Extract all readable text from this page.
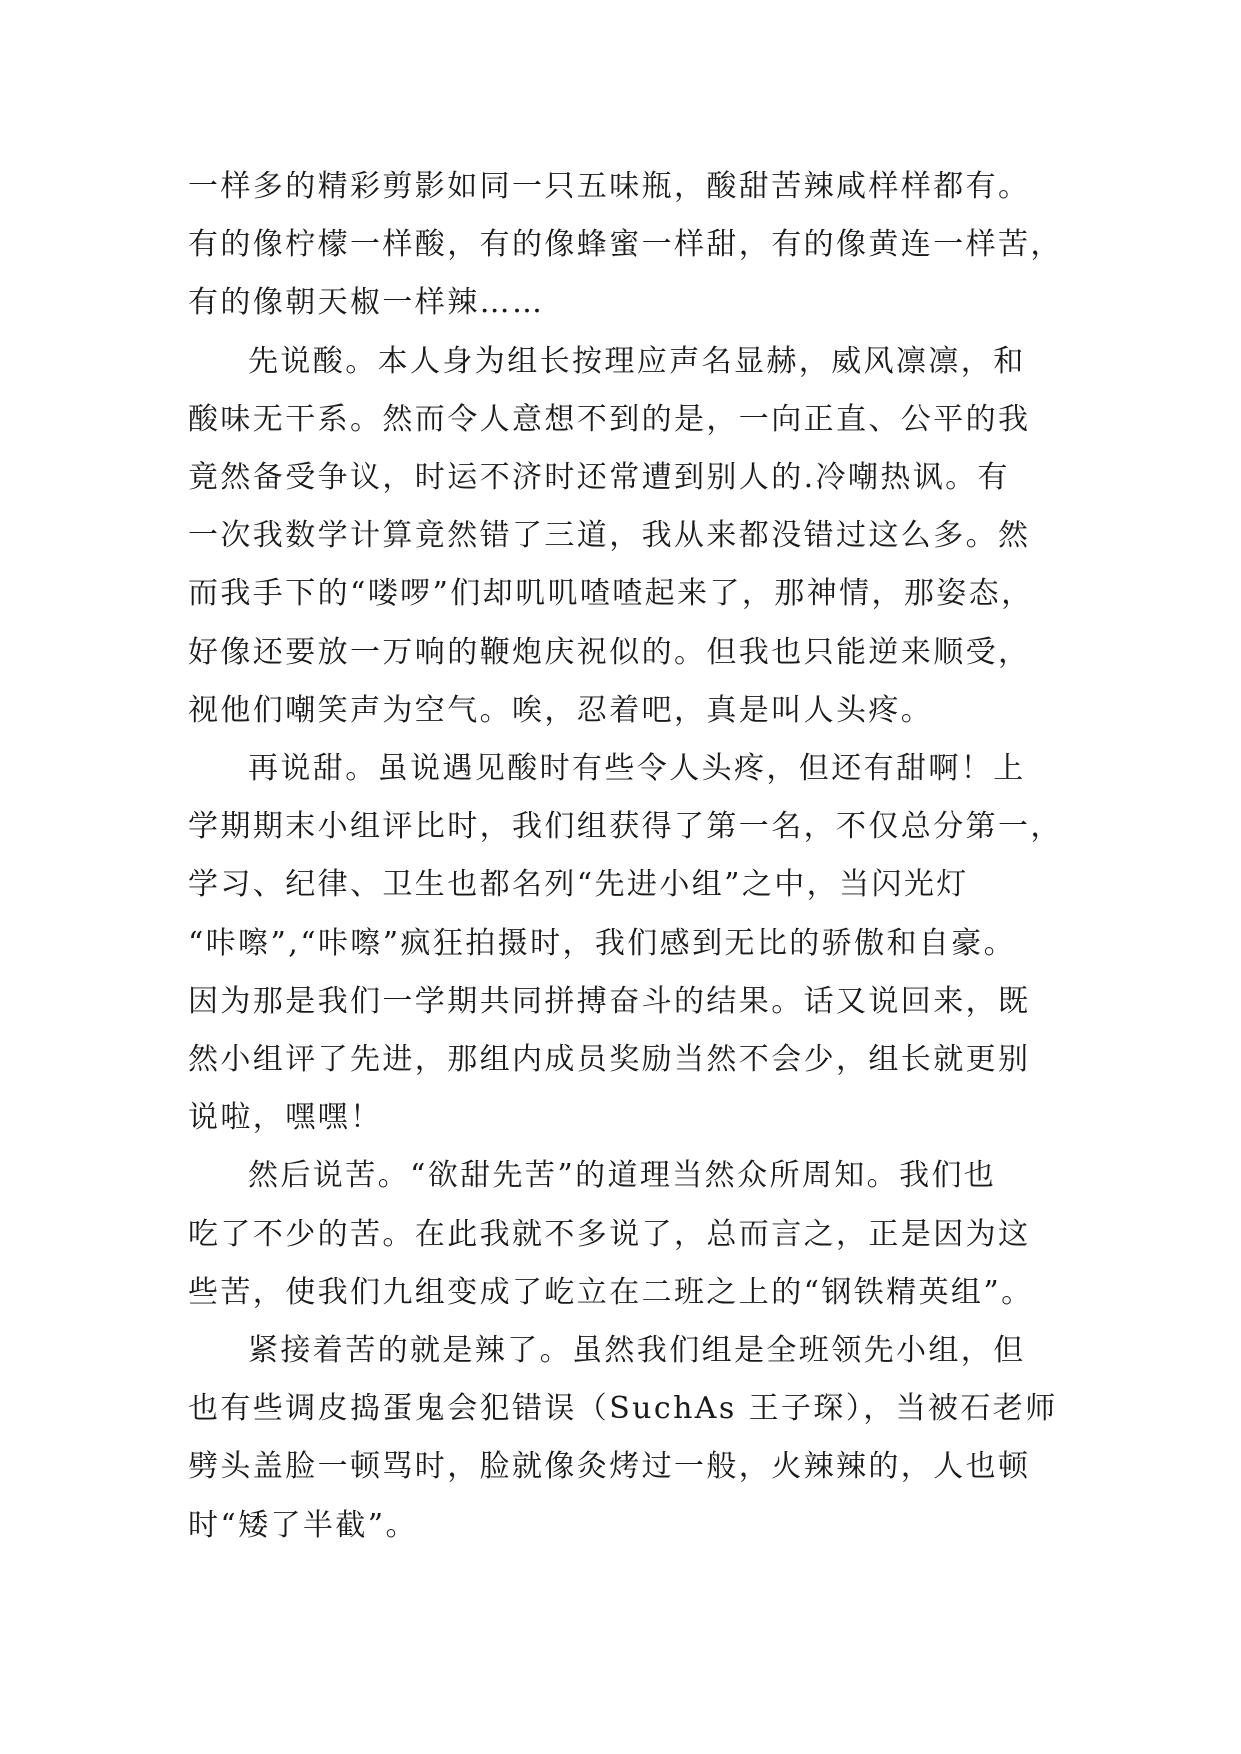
一样多的精彩剪影如同一只五味瓶，酸甜苦辣咸样样都有。
有的像柠檬一样酸，有的像蜂蜜一样甜，有的像黄连一样苦，
有的像朝天椒一样辣……

先说酸。本人身为组长按理应声名显赫，威风凛凛，和
酸味无干系。然而令人意想不到的是，一向正直、公平的我
竟然备受争议，时运不济时还常遭到别人的.冷嘲热讽。有
一次我数学计算竟然错了三道，我从来都没错过这么多。然
而我手下的“喽啰”们却叽叽喳喳起来了，那神情，那姿态，
好像还要放一万响的鞭炮庆祝似的。但我也只能逆来顺受，
视他们嘲笑声为空气。唉，忍着吧，真是叫人头疼。

再说甜。虽说遇见酸时有些令人头疼，但还有甜啊！上
学期期末小组评比时，我们组获得了第一名，不仅总分第一，
学习、纪律、卫生也都名列“先进小组”之中，当闪光灯
“咔嚓”,“咔嚓”疯狂拍摄时，我们感到无比的骄傲和自豪。
因为那是我们一学期共同拼搏奋斗的结果。话又说回来，既
然小组评了先进，那组内成员奖励当然不会少，组长就更别
说啦，嘿嘿！

然后说苦。“欲甜先苦”的道理当然众所周知。我们也
吃了不少的苦。在此我就不多说了，总而言之，正是因为这
些苦，使我们九组变成了屹立在二班之上的“钢铁精英组”。

紧接着苦的就是辣了。虽然我们组是全班领先小组，但
也有些调皮捣蛋鬼会犯错误（SuchAs 王子琛），当被石老师
劈头盖脸一顿骂时，脸就像灸烤过一般，火辣辣的，人也顿
时“矮了半截”。
